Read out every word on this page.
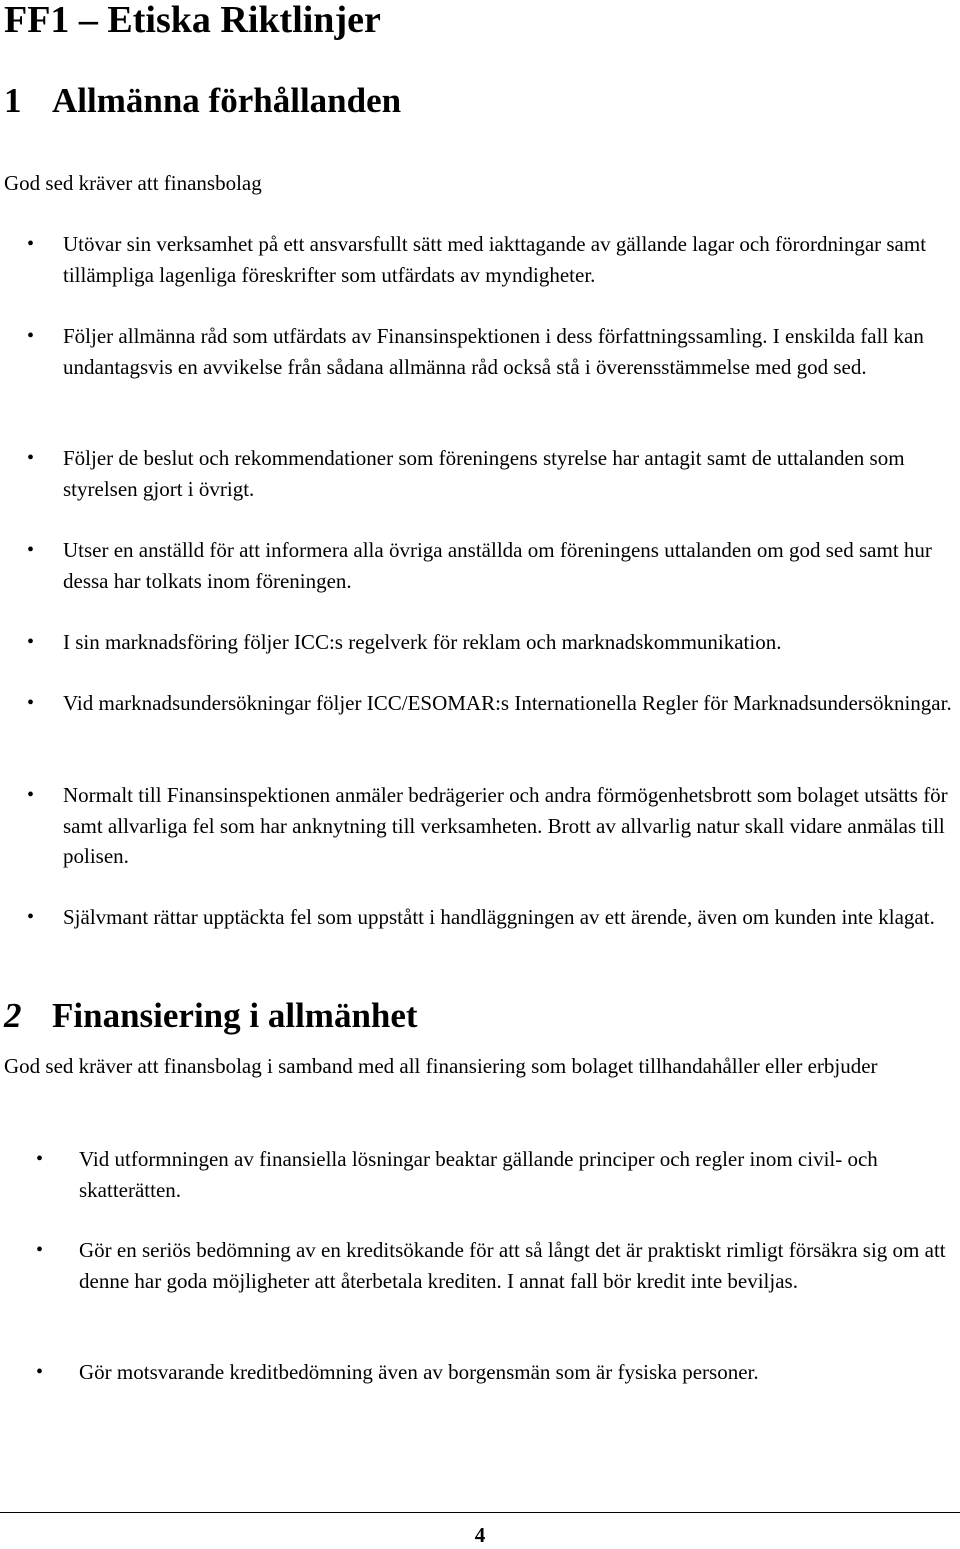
FF1 – Etiska Riktlinjer
1 Allmänna förhållanden

God sed kräver att finansbolag

• Utövar sin verksamhet på ett ansvarsfullt sätt med iakttagande av gällande lagar och förordningar samt tillämpliga lagenliga föreskrifter som utfärdats av myndigheter.
• Följer allmänna råd som utfärdats av Finansinspektionen i dess författningssamling. I enskilda fall kan undantagsvis en avvikelse från sådana allmänna råd också stå i överensstämmelse med god sed.
• Följer de beslut och rekommendationer som föreningens styrelse har antagit samt de uttalanden som styrelsen gjort i övrigt.
• Utser en anställd för att informera alla övriga anställda om föreningens uttalanden om god sed samt hur dessa har tolkats inom föreningen.
• I sin marknadsföring följer ICC:s regelverk för reklam och marknadskommunikation.
• Vid marknadsundersökningar följer ICC/ESOMAR:s Internationella Regler för Marknadsundersökningar.
• Normalt till Finansinspektionen anmäler bedrägerier och andra förmögenhetsbrott som bolaget utsätts för samt allvarliga fel som har anknytning till verksamheten. Brott av allvarlig natur skall vidare anmälas till polisen.
• Självmant rättar upptäckta fel som uppstått i handläggningen av ett ärende, även om kunden inte klagat.
2 Finansiering i allmänhet

God sed kräver att finansbolag i samband med all finansiering som bolaget tillhandahåller eller erbjuder

• Vid utformningen av finansiella lösningar beaktar gällande principer och regler inom civil- och skatterätten.
• Gör en seriös bedömning av en kreditsökande för att så långt det är praktiskt rimligt försäkra sig om att denne har goda möjligheter att återbetala krediten. I annat fall bör kredit inte beviljas.
• Gör motsvarande kreditbedömning även av borgensmän som är fysiska personer.
4
